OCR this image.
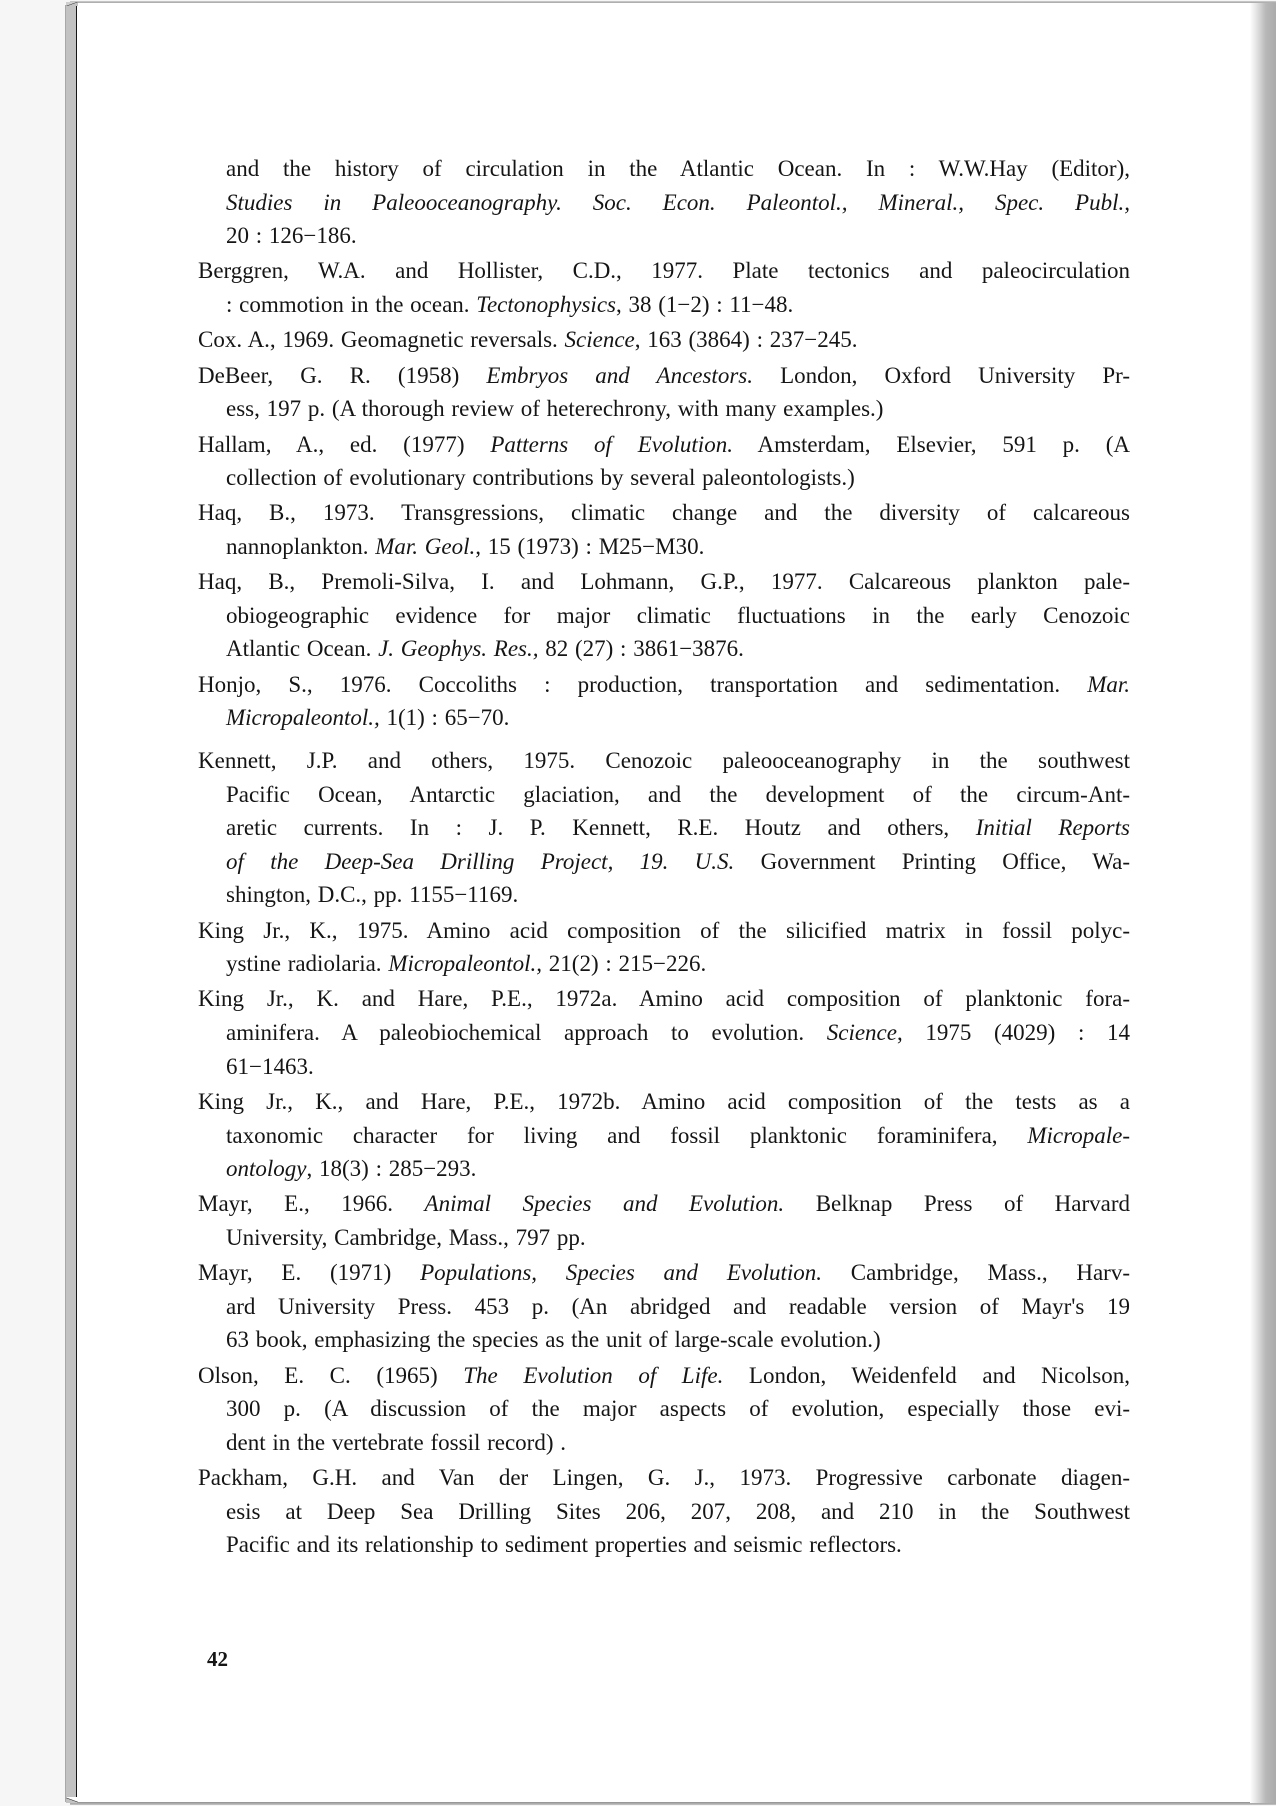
and the history of circulation in the Atlantic Ocean. In : W.W.Hay (Editor),
Studies in Paleooceanography. Soc. Econ. Paleontol., Mineral., Spec. Publ.,
20 : 126−186.
Berggren, W.A. and Hollister, C.D., 1977. Plate tectonics and paleocirculation
: commotion in the ocean. Tectonophysics, 38 (1−2) : 11−48.
Cox. A., 1969. Geomagnetic reversals. Science, 163 (3864) : 237−245.
DeBeer, G. R. (1958) Embryos and Ancestors. London, Oxford University Pr-
ess, 197 p. (A thorough review of heterechrony, with many examples.)
Hallam, A., ed. (1977) Patterns of Evolution. Amsterdam, Elsevier, 591 p. (A
collection of evolutionary contributions by several paleontologists.)
Haq, B., 1973. Transgressions, climatic change and the diversity of calcareous
nannoplankton. Mar. Geol., 15 (1973) : M25−M30.
Haq, B., Premoli-Silva, I. and Lohmann, G.P., 1977. Calcareous plankton pale-
obiogeographic evidence for major climatic fluctuations in the early Cenozoic
Atlantic Ocean. J. Geophys. Res., 82 (27) : 3861−3876.
Honjo, S., 1976. Coccoliths : production, transportation and sedimentation. Mar.
Micropaleontol., 1(1) : 65−70.
Kennett, J.P. and others, 1975. Cenozoic paleooceanography in the southwest
Pacific Ocean, Antarctic glaciation, and the development of the circum-Ant-
aretic currents. In : J. P. Kennett, R.E. Houtz and others, Initial Reports
of the Deep-Sea Drilling Project, 19. U.S. Government Printing Office, Wa-
shington, D.C., pp. 1155−1169.
King Jr., K., 1975. Amino acid composition of the silicified matrix in fossil polyc-
ystine radiolaria. Micropaleontol., 21(2) : 215−226.
King Jr., K. and Hare, P.E., 1972a. Amino acid composition of planktonic fora-
aminifera. A paleobiochemical approach to evolution. Science, 1975 (4029) : 14
61−1463.
King Jr., K., and Hare, P.E., 1972b. Amino acid composition of the tests as a
taxonomic character for living and fossil planktonic foraminifera, Micropale-
ontology, 18(3) : 285−293.
Mayr, E., 1966. Animal Species and Evolution. Belknap Press of Harvard
University, Cambridge, Mass., 797 pp.
Mayr, E. (1971) Populations, Species and Evolution. Cambridge, Mass., Harv-
ard University Press. 453 p. (An abridged and readable version of Mayr's 19
63 book, emphasizing the species as the unit of large-scale evolution.)
Olson, E. C. (1965) The Evolution of Life. London, Weidenfeld and Nicolson,
300 p. (A discussion of the major aspects of evolution, especially those evi-
dent in the vertebrate fossil record) .
Packham, G.H. and Van der Lingen, G. J., 1973. Progressive carbonate diagen-
esis at Deep Sea Drilling Sites 206, 207, 208, and 210 in the Southwest
Pacific and its relationship to sediment properties and seismic reflectors.
42
